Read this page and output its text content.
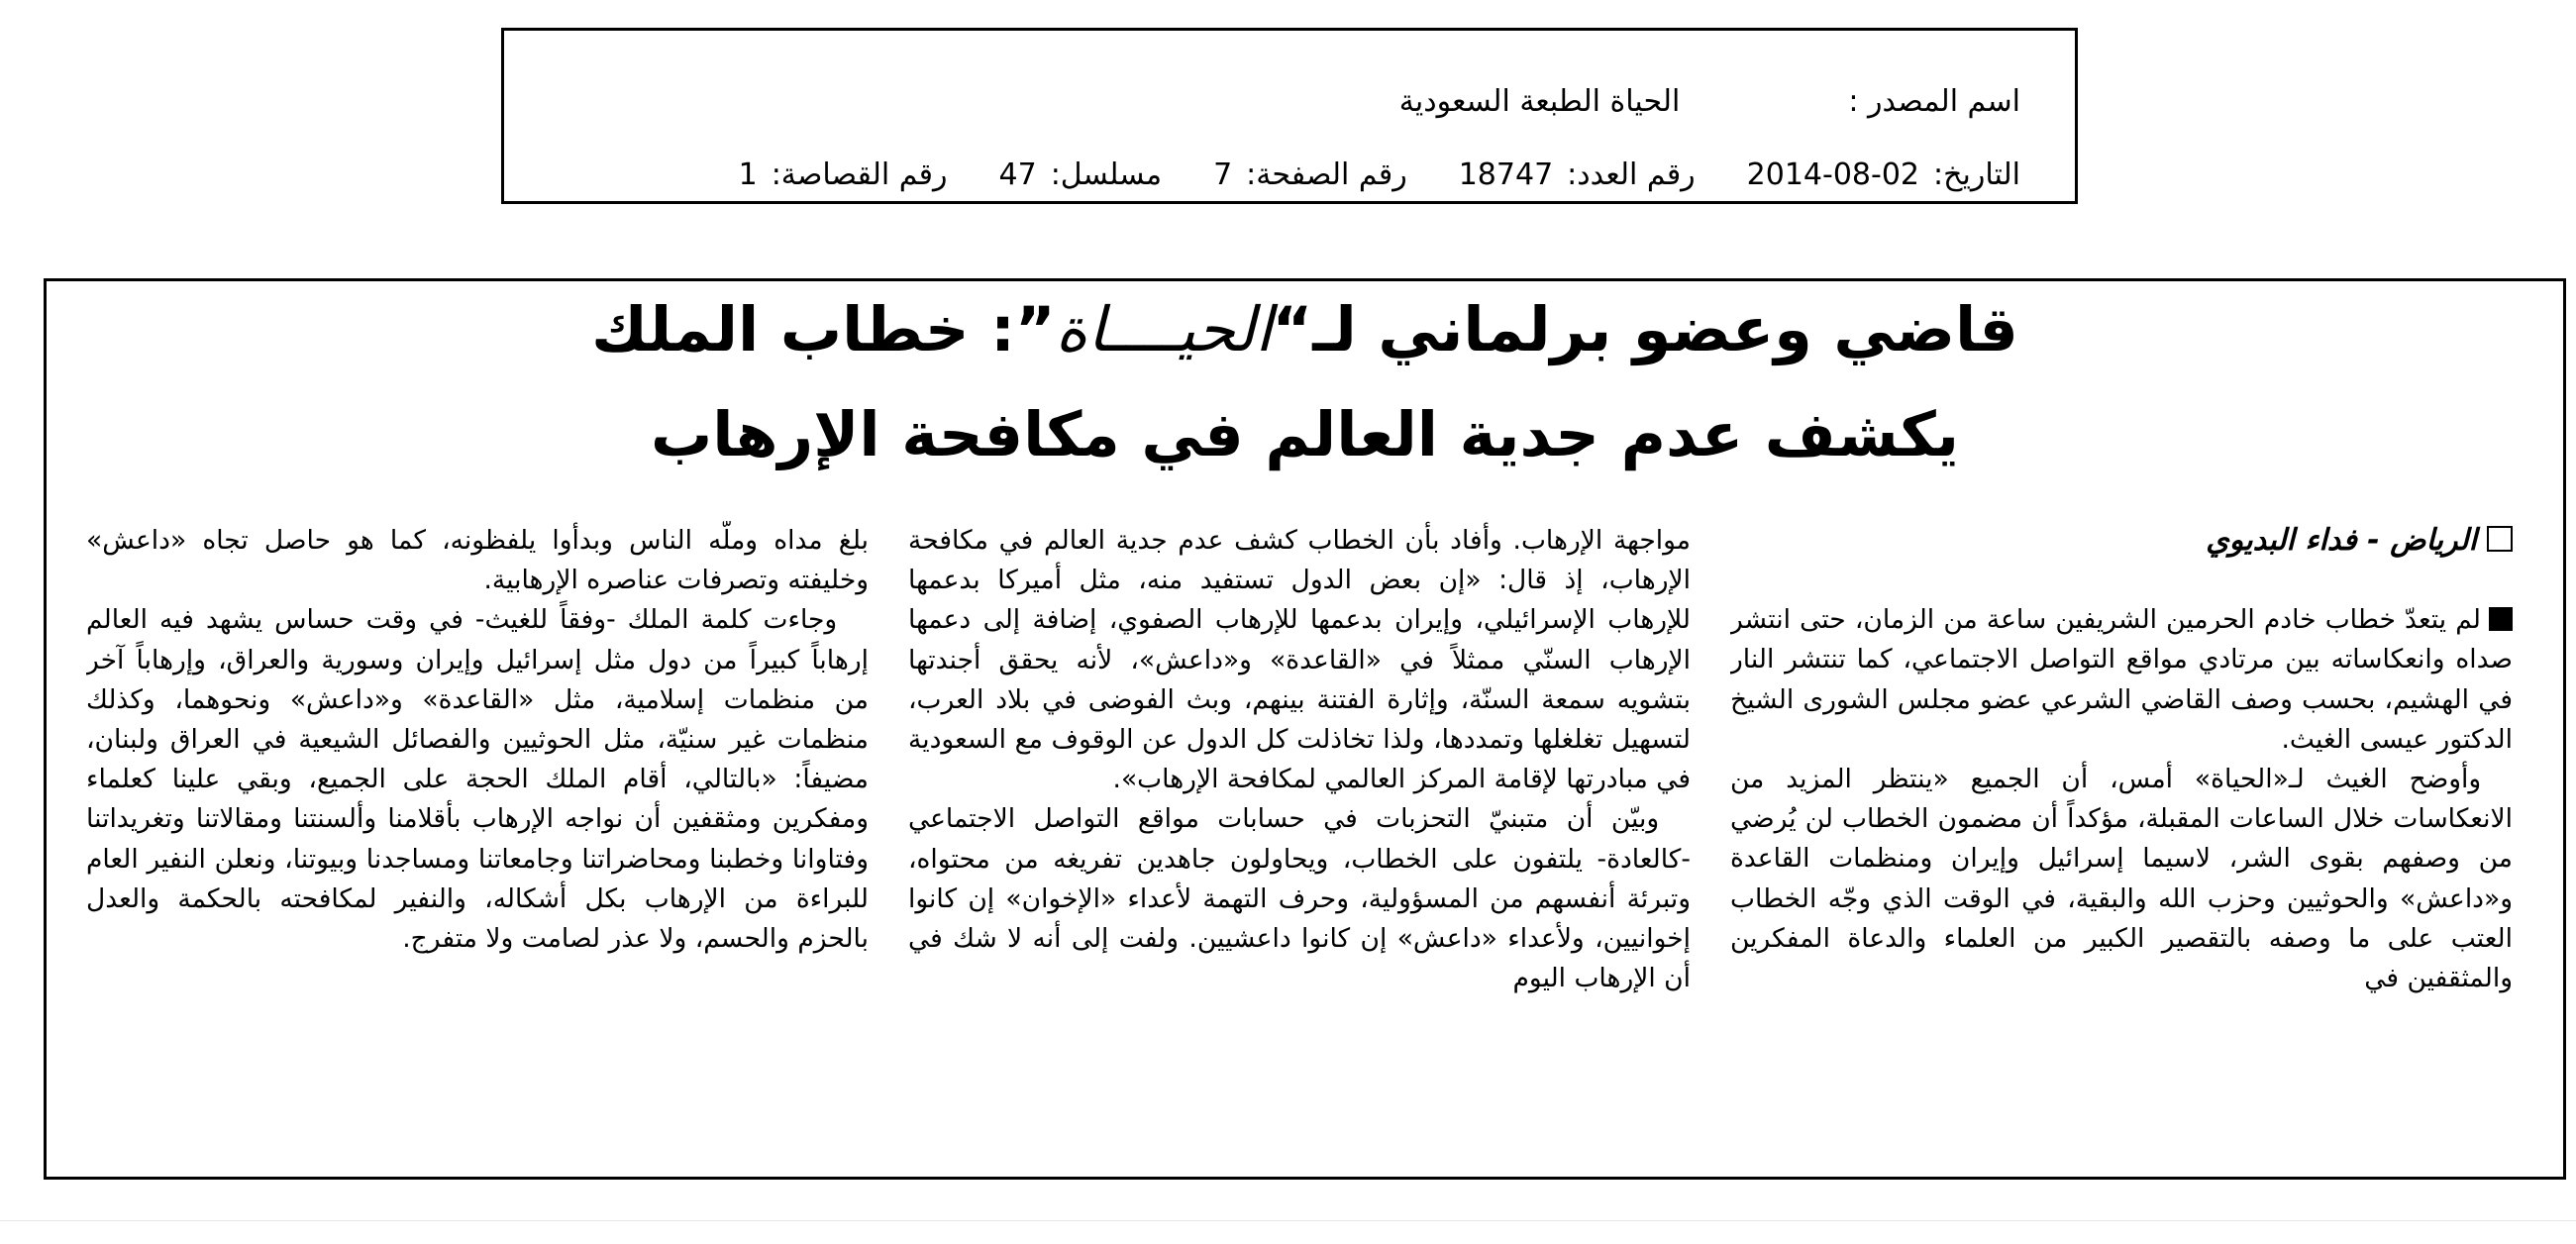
اسم المصدر :
الحياة الطبعة السعودية
التاريخ:
2014-08-02
رقم العدد:
18747
رقم الصفحة:
7
مسلسل:
47
رقم القصاصة:
1
قاضي وعضو برلماني لـ“الحيــــاة”: خطاب الملك
يكشف عدم جدية العالم في مكافحة الإرهاب

الرياض - فداء البديوي

لم يتعدّ خطاب خادم الحرمين الشريفين ساعة من الزمان، حتى انتشر صداه وانعكاساته بين مرتادي مواقع التواصل الاجتماعي، كما تنتشر النار في الهشيم، بحسب وصف القاضي الشرعي عضو مجلس الشورى الشيخ الدكتور عيسى الغيث.

وأوضح الغيث لـ«الحياة» أمس، أن الجميع «ينتظر المزيد من الانعكاسات خلال الساعات المقبلة، مؤكداً أن مضمون الخطاب لن يُرضي من وصفهم بقوى الشر، لاسيما إسرائيل وإيران ومنظمات القاعدة و«داعش» والحوثيين وحزب الله والبقية، في الوقت الذي وجّه الخطاب العتب على ما وصفه بالتقصير الكبير من العلماء والدعاة المفكرين والمثقفين في

مواجهة الإرهاب. وأفاد بأن الخطاب كشف عدم جدية العالم في مكافحة الإرهاب، إذ قال: «إن بعض الدول تستفيد منه، مثل أميركا بدعمها للإرهاب الإسرائيلي، وإيران بدعمها للإرهاب الصفوي، إضافة إلى دعمها الإرهاب السنّي ممثلاً في «القاعدة» و«داعش»، لأنه يحقق أجندتها بتشويه سمعة السنّة، وإثارة الفتنة بينهم، وبث الفوضى في بلاد العرب، لتسهيل تغلغلها وتمددها، ولذا تخاذلت كل الدول عن الوقوف مع السعودية في مبادرتها لإقامة المركز العالمي لمكافحة الإرهاب».

وبيّن أن متبنيّ التحزبات في حسابات مواقع التواصل الاجتماعي -كالعادة- يلتفون على الخطاب، ويحاولون جاهدين تفريغه من محتواه، وتبرئة أنفسهم من المسؤولية، وحرف التهمة لأعداء «الإخوان» إن كانوا إخوانيين، ولأعداء «داعش» إن كانوا داعشيين. ولفت إلى أنه لا شك في أن الإرهاب اليوم

بلغ مداه وملّه الناس وبدأوا يلفظونه، كما هو حاصل تجاه «داعش» وخليفته وتصرفات عناصره الإرهابية.

وجاءت كلمة الملك -وفقاً للغيث- في وقت حساس يشهد فيه العالم إرهاباً كبيراً من دول مثل إسرائيل وإيران وسورية والعراق، وإرهاباً آخر من منظمات إسلامية، مثل «القاعدة» و«داعش» ونحوهما، وكذلك منظمات غير سنيّة، مثل الحوثيين والفصائل الشيعية في العراق ولبنان، مضيفاً: «بالتالي، أقام الملك الحجة على الجميع، وبقي علينا كعلماء ومفكرين ومثقفين أن نواجه الإرهاب بأقلامنا وألسنتنا ومقالاتنا وتغريداتنا وفتاوانا وخطبنا ومحاضراتنا وجامعاتنا ومساجدنا وبيوتنا، ونعلن النفير العام للبراءة من الإرهاب بكل أشكاله، والنفير لمكافحته بالحكمة والعدل بالحزم والحسم، ولا عذر لصامت ولا متفرج.
